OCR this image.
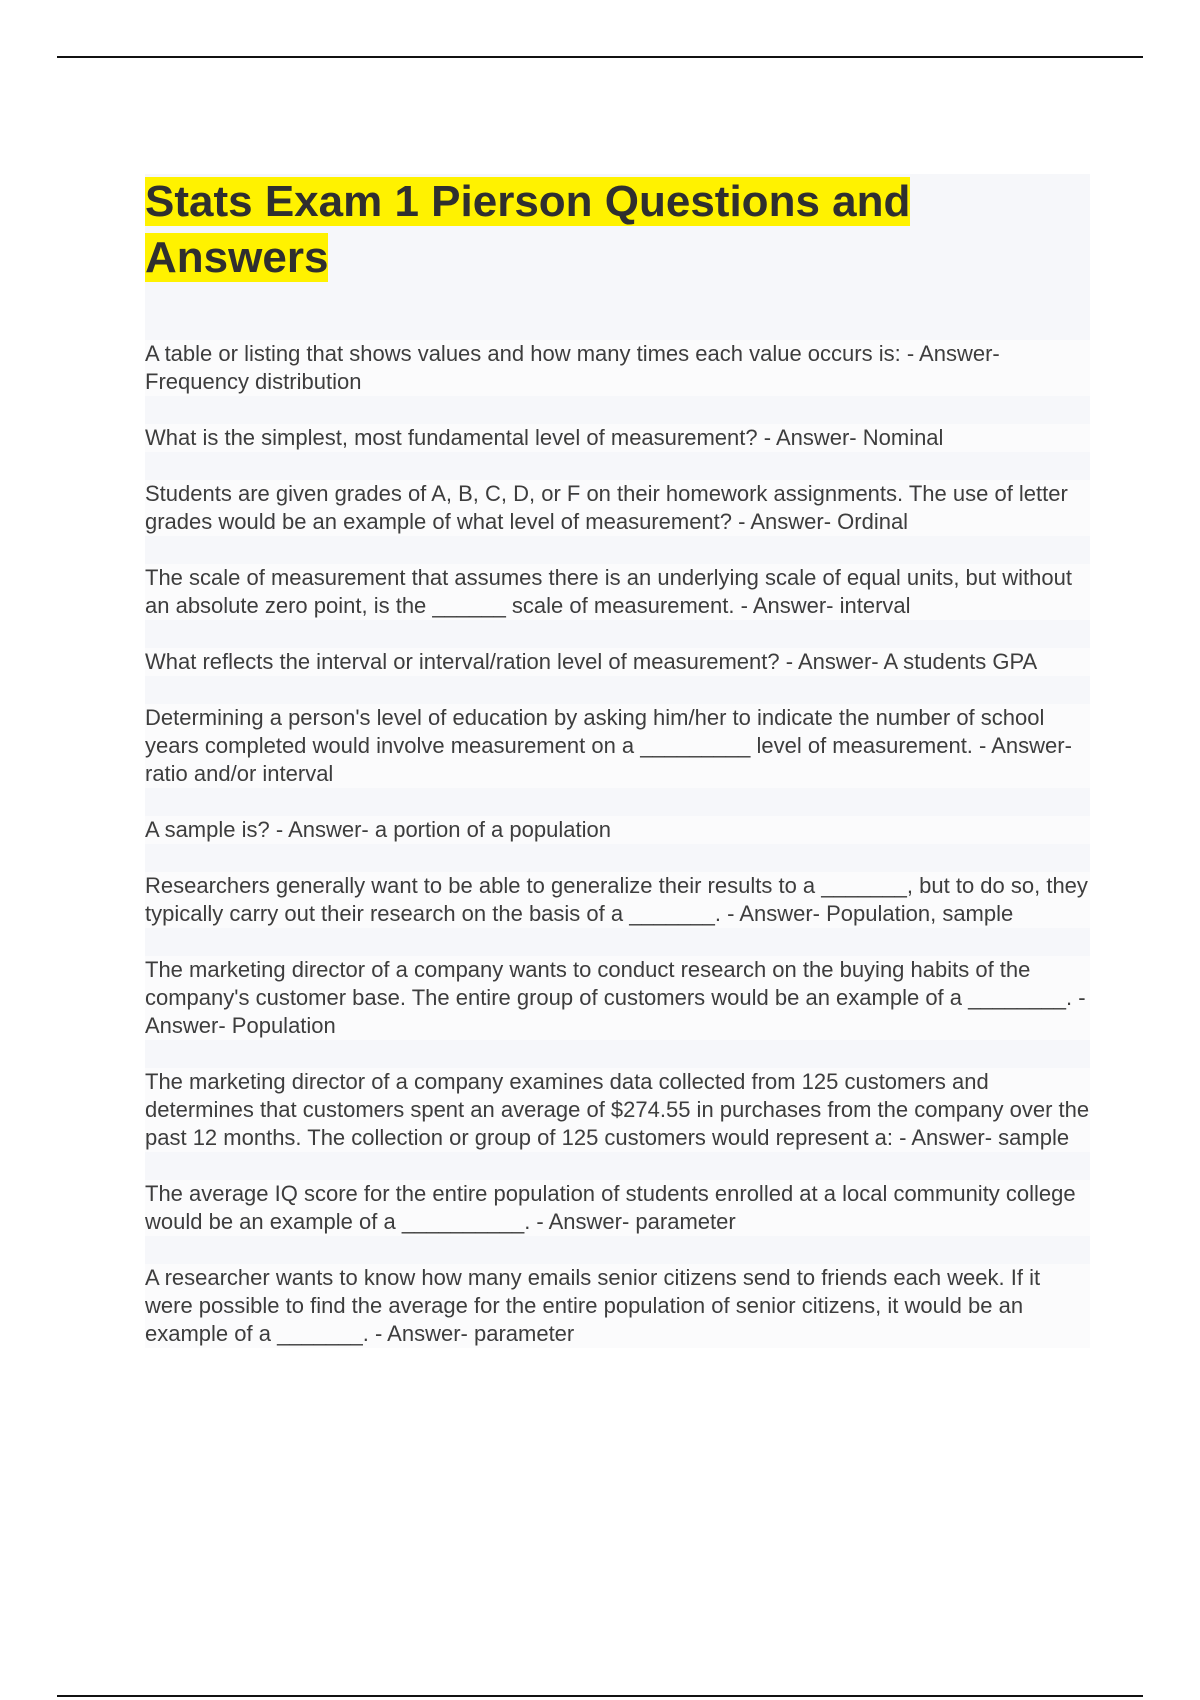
Stats Exam 1 Pierson Questions and
Answers

A table or listing that shows values and how many times each value occurs is: - Answer- Frequency distribution

What is the simplest, most fundamental level of measurement? - Answer- Nominal

Students are given grades of A, B, C, D, or F on their homework assignments. The use of letter grades would be an example of what level of measurement? - Answer- Ordinal

The scale of measurement that assumes there is an underlying scale of equal units, but without an absolute zero point, is the ______ scale of measurement. - Answer- interval

What reflects the interval or interval/ration level of measurement? - Answer- A students GPA

Determining a person's level of education by asking him/her to indicate the number of school years completed would involve measurement on a _________ level of measurement. - Answer- ratio and/or interval

A sample is? - Answer- a portion of a population

Researchers generally want to be able to generalize their results to a _______, but to do so, they typically carry out their research on the basis of a _______. - Answer- Population, sample

The marketing director of a company wants to conduct research on the buying habits of the company's customer base. The entire group of customers would be an example of a ________. - Answer- Population

The marketing director of a company examines data collected from 125 customers and determines that customers spent an average of $274.55 in purchases from the company over the past 12 months. The collection or group of 125 customers would represent a: - Answer- sample

The average IQ score for the entire population of students enrolled at a local community college would be an example of a __________. - Answer- parameter

A researcher wants to know how many emails senior citizens send to friends each week. If it were possible to find the average for the entire population of senior citizens, it would be an example of a _______. - Answer- parameter
